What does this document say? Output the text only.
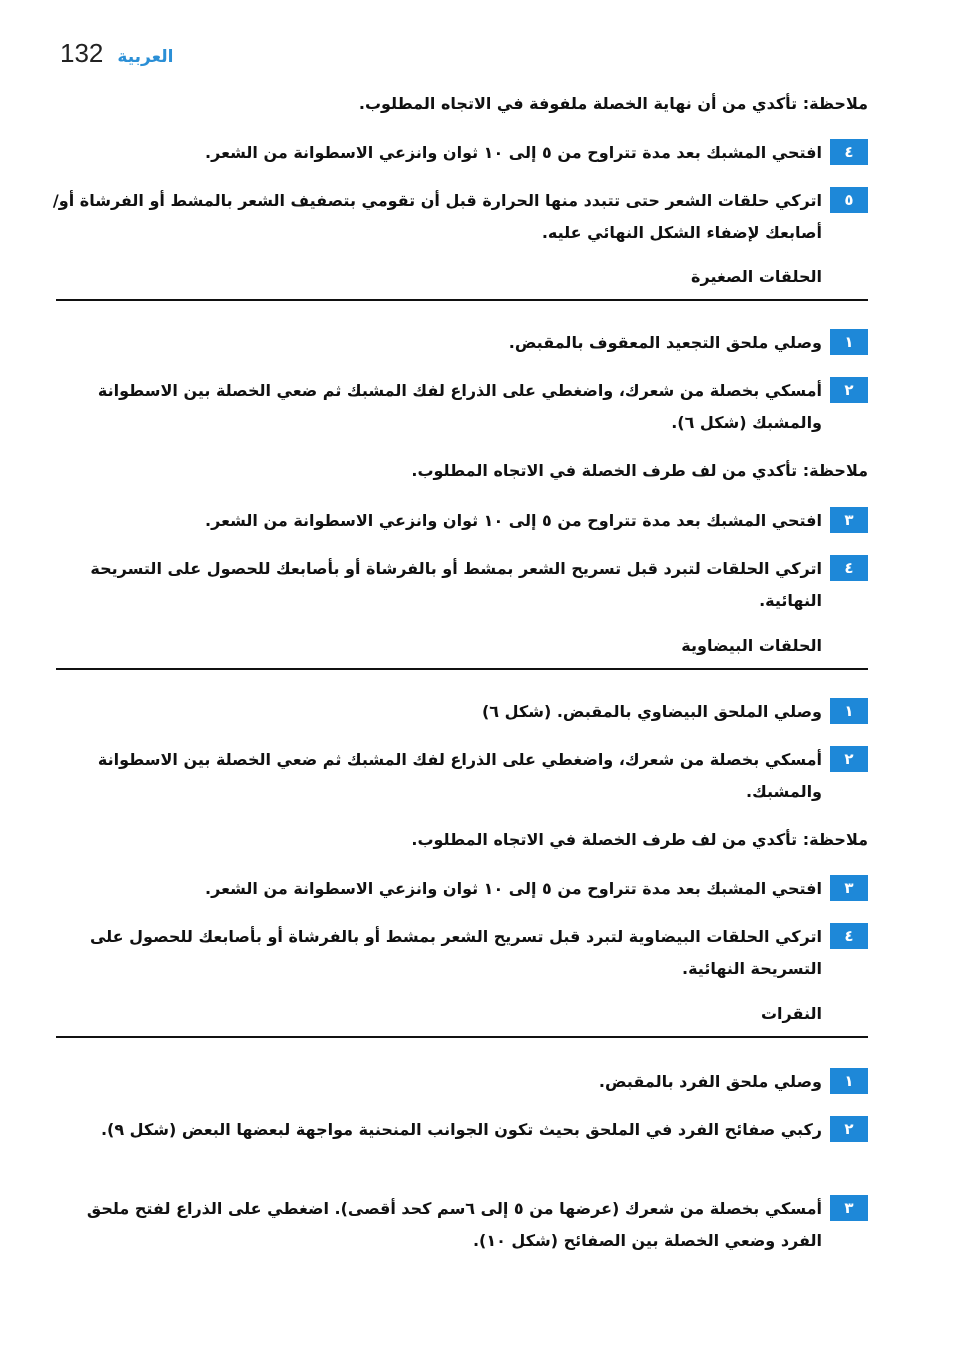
132 العربية
ملاحظة: تأكدي من أن نهاية الخصلة ملفوفة في الاتجاه المطلوب.
٤
افتحي المشبك بعد مدة تتراوح من ٥ إلى ١٠ ثوان وانزعي الاسطوانة من الشعر.
٥
اتركي حلقات الشعر حتى تتبدد منها الحرارة قبل أن تقومي بتصفيف الشعر بالمشط أو الفرشاة أو/أصابعك لإضفاء الشكل النهائي عليه.
الحلقات الصغيرة
١
وصلي ملحق التجعيد المعقوف بالمقبض.
٢
أمسكي بخصلة من شعرك، واضغطي على الذراع لفك المشبك ثم ضعي الخصلة بين الاسطوانة والمشبك (شكل ٦).
ملاحظة: تأكدي من لف طرف الخصلة في الاتجاه المطلوب.
٣
افتحي المشبك بعد مدة تتراوح من ٥ إلى ١٠ ثوان وانزعي الاسطوانة من الشعر.
٤
اتركي الحلقات لتبرد قبل تسريح الشعر بمشط أو بالفرشاة أو بأصابعك للحصول على التسريحة النهائية.
الحلقات البيضاوية
١
وصلي الملحق البيضاوي بالمقبض. (شكل ٦)
٢
أمسكي بخصلة من شعرك، واضغطي على الذراع لفك المشبك ثم ضعي الخصلة بين الاسطوانة والمشبك.
ملاحظة: تأكدي من لف طرف الخصلة في الاتجاه المطلوب.
٣
افتحي المشبك بعد مدة تتراوح من ٥ إلى ١٠ ثوان وانزعي الاسطوانة من الشعر.
٤
اتركي الحلقات البيضاوية لتبرد قبل تسريح الشعر بمشط أو بالفرشاة أو بأصابعك للحصول على التسريحة النهائية.
النقرات
١
وصلي ملحق الفرد بالمقبض.
٢
ركبي صفائح الفرد في الملحق بحيث تكون الجوانب المنحنية مواجهة لبعضها البعض (شكل ٩).
٣
أمسكي بخصلة من شعرك (عرضها من ٥ إلى ٦سم كحد أقصى). اضغطي على الذراع لفتح ملحق الفرد وضعي الخصلة بين الصفائح (شكل ١٠).
